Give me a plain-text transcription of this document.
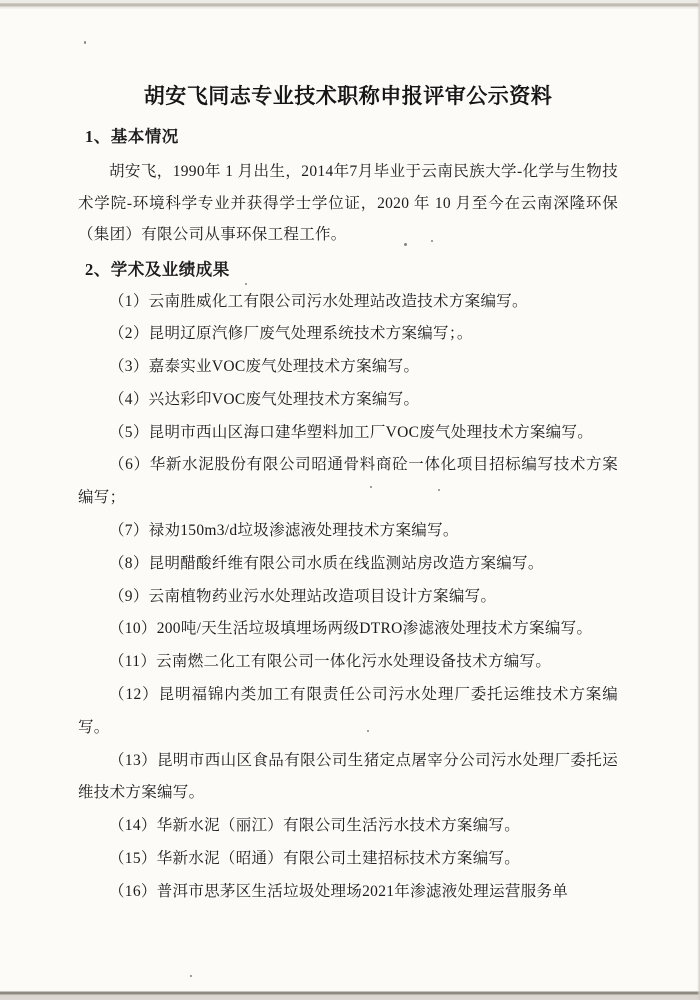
胡安飞同志专业技术职称申报评审公示资料
1、基本情况

胡安飞，1990年 1 月出生，2014年7月毕业于云南民族大学-化学与生物技术学院-环境科学专业并获得学士学位证，2020 年 10 月至今在云南深隆环保（集团）有限公司从事环保工程工作。

2、学术及业绩成果

（1）云南胜威化工有限公司污水处理站改造技术方案编写。

（2）昆明辽原汽修厂废气处理系统技术方案编写；。

（3）嘉泰实业VOC废气处理技术方案编写。

（4）兴达彩印VOC废气处理技术方案编写。

（5）昆明市西山区海口建华塑料加工厂VOC废气处理技术方案编写。

（6）华新水泥股份有限公司昭通骨料商砼一体化项目招标编写技术方案编写；

（7）禄劝150m3/d垃圾渗滤液处理技术方案编写。

（8）昆明醋酸纤维有限公司水质在线监测站房改造方案编写。

（9）云南植物药业污水处理站改造项目设计方案编写。

（10）200吨/天生活垃圾填埋场两级DTRO渗滤液处理技术方案编写。

（11）云南燃二化工有限公司一体化污水处理设备技术方编写。

（12）昆明福锦内类加工有限责任公司污水处理厂委托运维技术方案编写。

（13）昆明市西山区食品有限公司生猪定点屠宰分公司污水处理厂委托运维技术方案编写。

（14）华新水泥（丽江）有限公司生活污水技术方案编写。

（15）华新水泥（昭通）有限公司土建招标技术方案编写。

（16）普洱市思茅区生活垃圾处理场2021年渗滤液处理运营服务单
